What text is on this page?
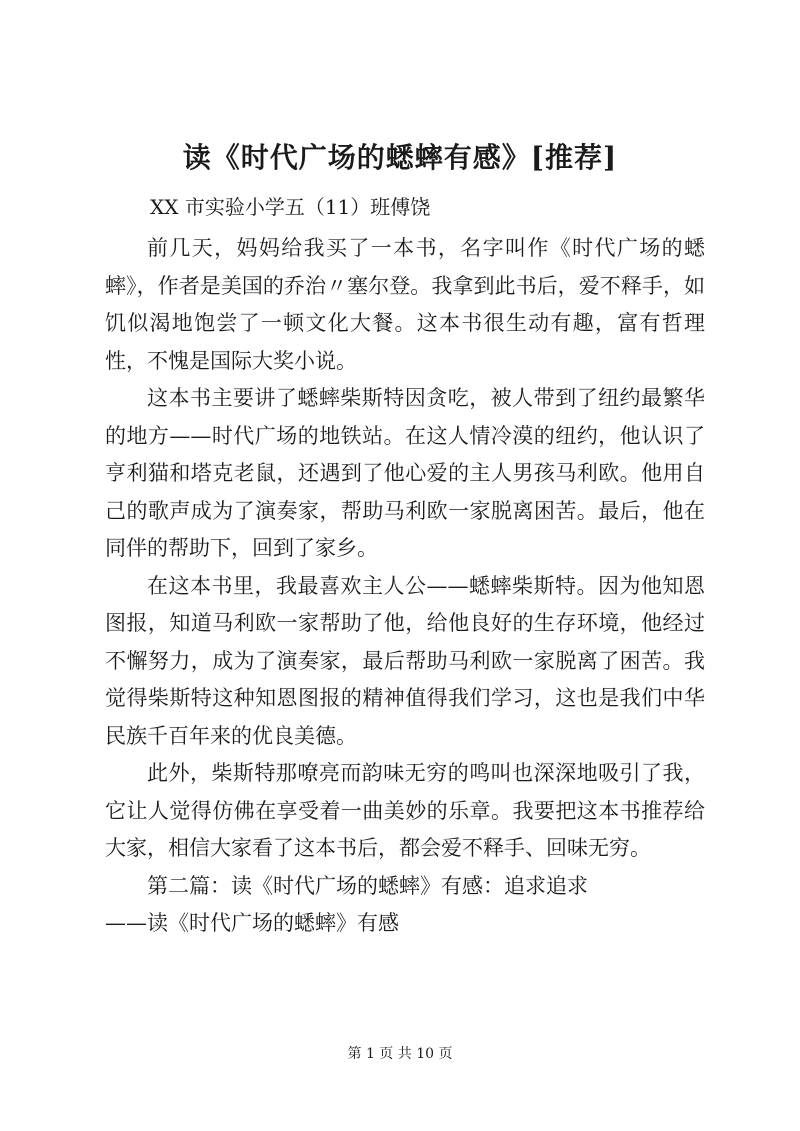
读《时代广场的蟋蟀有感》[推荐]

XX 市实验小学五（11）班傅饶

前几天，妈妈给我买了一本书，名字叫作《时代广场的蟋蟀》，作者是美国的乔治〃塞尔登。我拿到此书后，爱不释手，如饥似渴地饱尝了一顿文化大餐。这本书很生动有趣，富有哲理性，不愧是国际大奖小说。

这本书主要讲了蟋蟀柴斯特因贪吃，被人带到了纽约最繁华的地方——时代广场的地铁站。在这人情冷漠的纽约，他认识了亨利猫和塔克老鼠，还遇到了他心爱的主人男孩马利欧。他用自己的歌声成为了演奏家，帮助马利欧一家脱离困苦。最后，他在同伴的帮助下，回到了家乡。

在这本书里，我最喜欢主人公——蟋蟀柴斯特。因为他知恩图报，知道马利欧一家帮助了他，给他良好的生存环境，他经过不懈努力，成为了演奏家，最后帮助马利欧一家脱离了困苦。我觉得柴斯特这种知恩图报的精神值得我们学习，这也是我们中华民族千百年来的优良美德。

此外，柴斯特那嘹亮而韵味无穷的鸣叫也深深地吸引了我，它让人觉得仿佛在享受着一曲美妙的乐章。我要把这本书推荐给大家，相信大家看了这本书后，都会爱不释手、回味无穷。

第二篇：读《时代广场的蟋蟀》有感：追求追求

——读《时代广场的蟋蟀》有感

第 1 页 共 10 页
